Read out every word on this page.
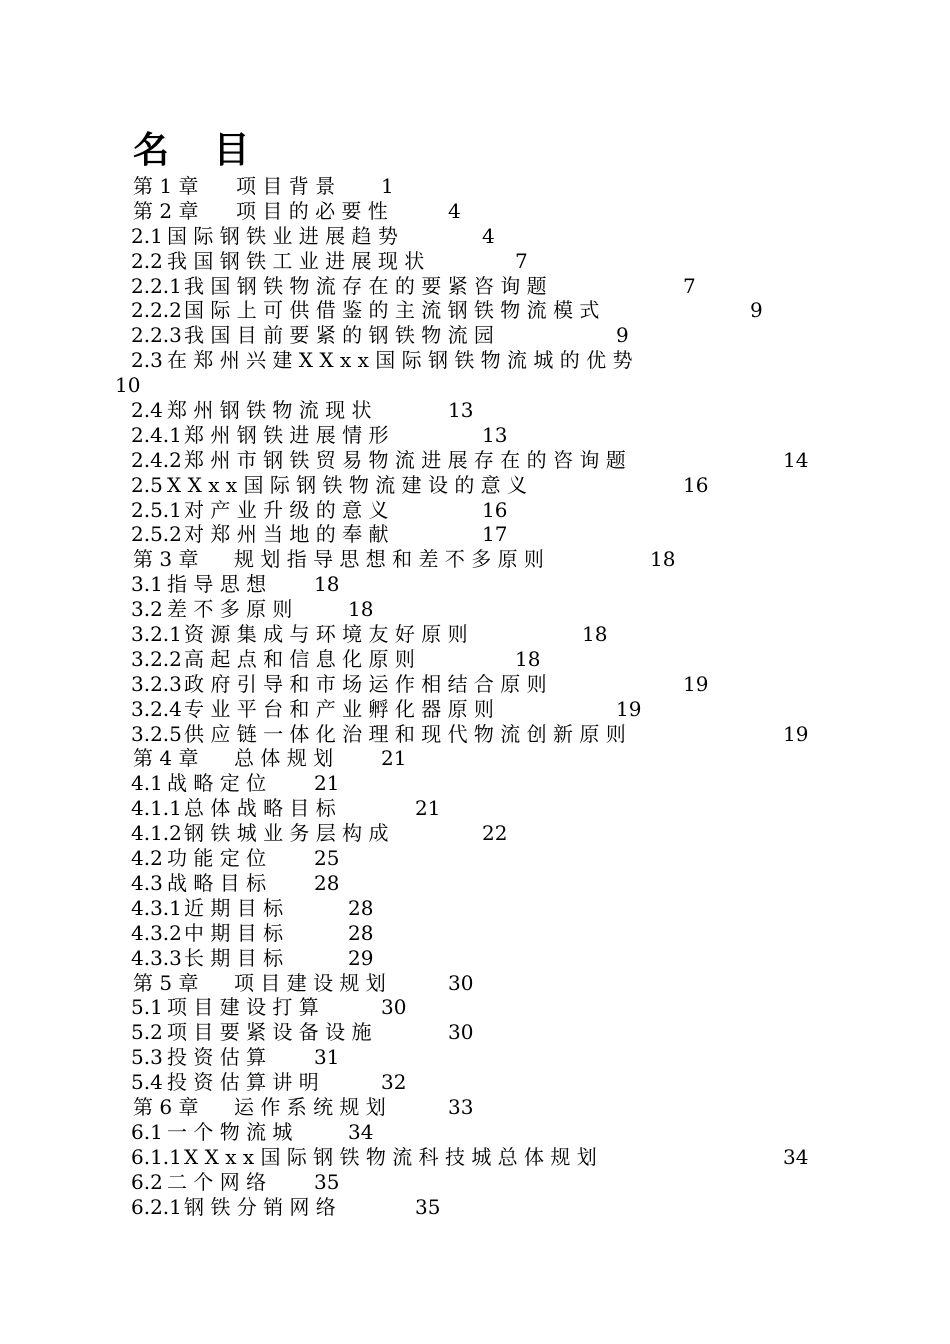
名 目
第 1 章 项 目 背 景 1
第 2 章 项 目 的 必 要 性	4
2.1 国 际 钢 铁 业 进 展 趋 势	4
2.2 我 国 钢 铁 工 业 进 展 现 状	7
2.2.1 我 国 钢 铁 物 流 存 在 的 要 紧 咨 询 题	7
2.2.2 国 际 上 可 供 借 鉴 的 主 流 钢 铁 物 流 模 式	9
2.2.3 我 国 目 前 要 紧 的 钢 铁 物 流 园	9
2.3 在 郑 州 兴 建 X X x x 国 际 钢 铁 物 流 城 的 优 势
10
2.4 郑 州 钢 铁 物 流 现 状	13
2.4.1 郑 州 钢 铁 进 展 情 形	13
2.4.2 郑 州 市 钢 铁 贸 易 物 流 进 展 存 在 的 咨 询 题	14
2.5 X X x x 国 际 钢 铁 物 流 建 设 的 意 义	16
2.5.1 对 产 业 升 级 的 意 义	16
2.5.2 对 郑 州 当 地 的 奉 献	17
第 3 章 规 划 指 导 思 想 和 差 不 多 原 则	18
3.1 指 导 思 想 18
3.2 差 不 多 原 则	18
3.2.1 资 源 集 成 与 环 境 友 好 原 则	18
3.2.2 高 起 点 和 信 息 化 原 则	18
3.2.3 政 府 引 导 和 市 场 运 作 相 结 合 原 则	19
3.2.4 专 业 平 台 和 产 业 孵 化 器 原 则	19
3.2.5 供 应 链 一 体 化 治 理 和 现 代 物 流 创 新 原 则	19
第 4 章 总 体 规 划 21
4.1 战 略 定 位 21
4.1.1 总 体 战 略 目 标	21
4.1.2 钢 铁 城 业 务 层 构 成	22
4.2 功 能 定 位 25
4.3 战 略 目 标 28
4.3.1 近 期 目 标	28
4.3.2 中 期 目 标	28
4.3.3 长 期 目 标	29
第 5 章 项 目 建 设 规 划	30
5.1 项 目 建 设 打 算	30
5.2 项 目 要 紧 设 备 设 施	30
5.3 投 资 估 算 31
5.4 投 资 估 算 讲 明	32
第 6 章 运 作 系 统 规 划	33
6.1 一 个 物 流 城	34
6.1.1 X X x x 国 际 钢 铁 物 流 科 技 城 总 体 规 划	34
6.2 二 个 网 络 35
6.2.1 钢 铁 分 销 网 络	35
